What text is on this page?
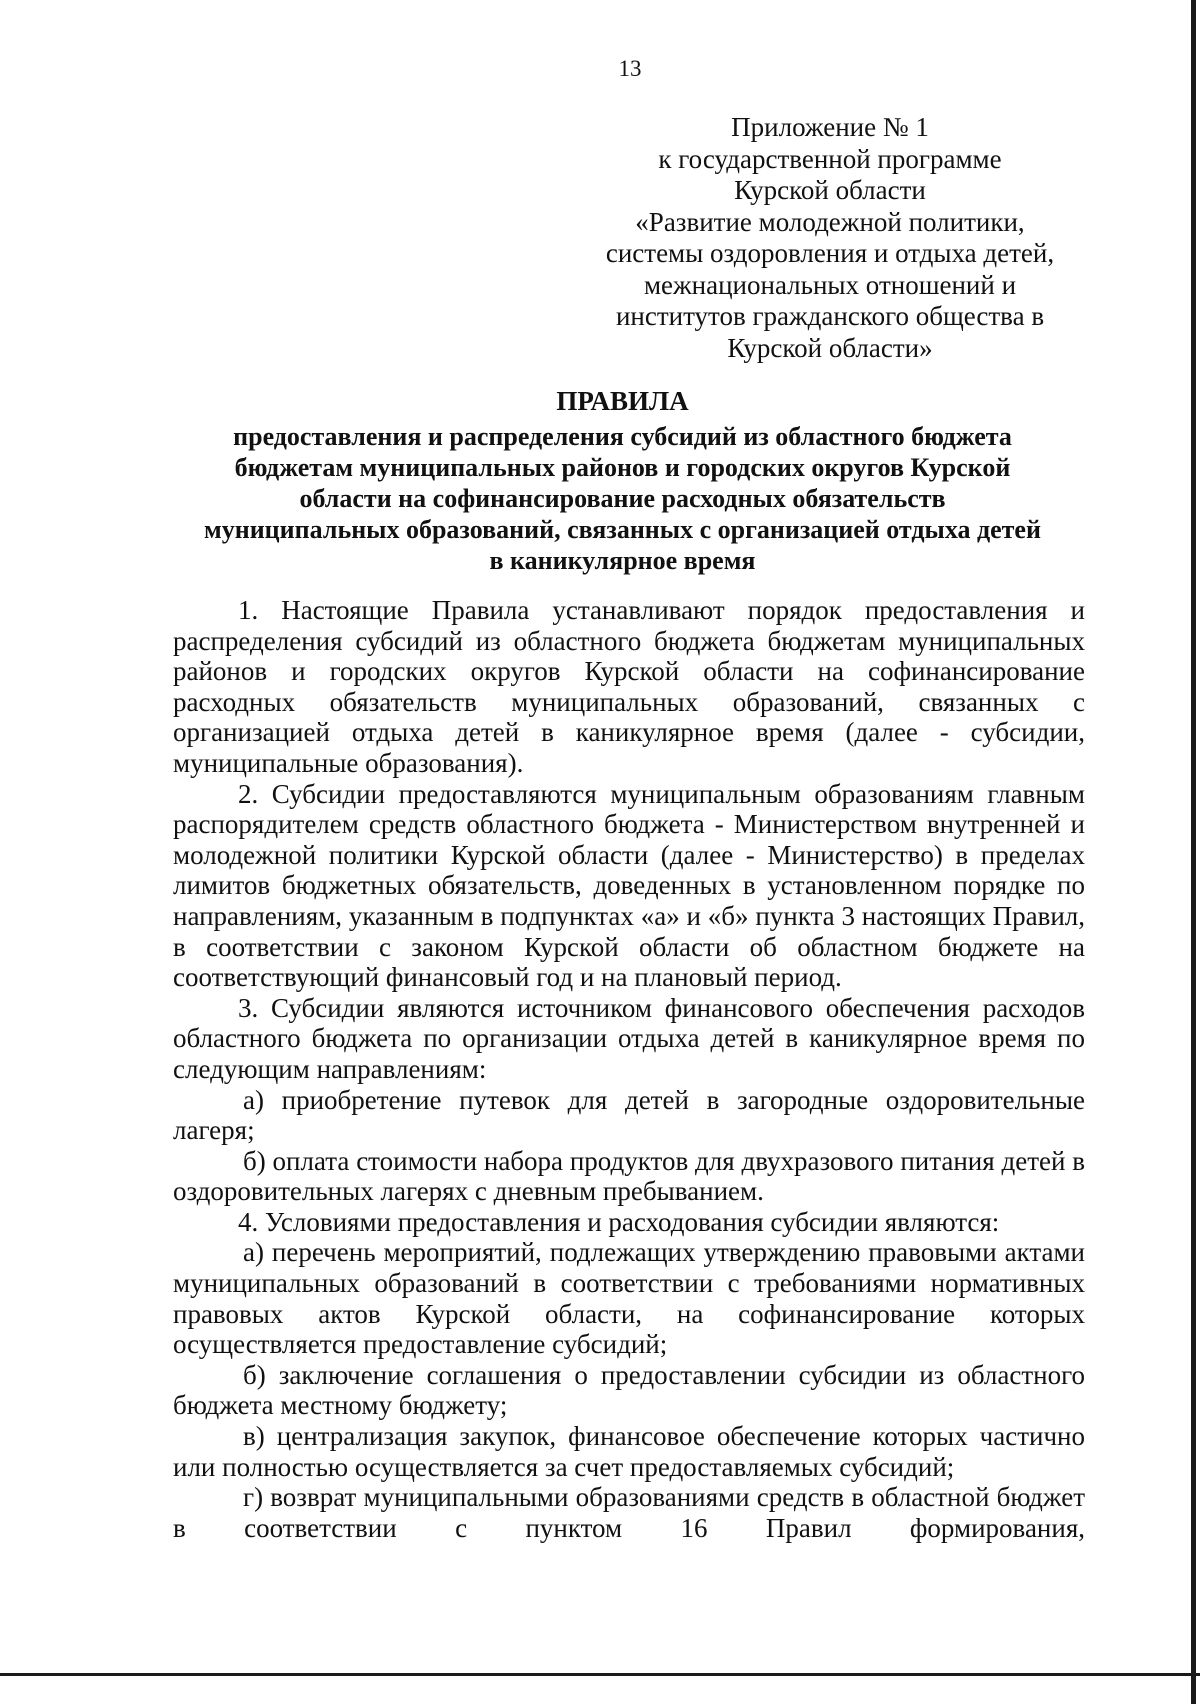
13
Приложение № 1
к государственной программе
Курской области
«Развитие молодежной политики,
системы оздоровления и отдыха детей,
межнациональных отношений и
институтов гражданского общества в
Курской области»
ПРАВИЛА
предоставления и распределения субсидий из областного бюджета
бюджетам муниципальных районов и городских округов Курской
области на софинансирование расходных обязательств
муниципальных образований, связанных с организацией отдыха детей
в каникулярное время

1. Настоящие Правила устанавливают порядок предоставления и распределения субсидий из областного бюджета бюджетам муниципальных районов и городских округов Курской области на софинансирование расходных обязательств муниципальных образований, связанных с организацией отдыха детей в каникулярное время (далее - субсидии, муниципальные образования).

2. Субсидии предоставляются муниципальным образованиям главным распорядителем средств областного бюджета - Министерством внутренней и молодежной политики Курской области (далее - Министерство) в пределах лимитов бюджетных обязательств, доведенных в установленном порядке по направлениям, указанным в подпунктах «а» и «б» пункта 3 настоящих Правил, в соответствии с законом Курской области об областном бюджете на соответствующий финансовый год и на плановый период.

3. Субсидии являются источником финансового обеспечения расходов областного бюджета по организации отдыха детей в каникулярное время по следующим направлениям:

а) приобретение путевок для детей в загородные оздоровительные лагеря;

б) оплата стоимости набора продуктов для двухразового питания детей в оздоровительных лагерях с дневным пребыванием.

4. Условиями предоставления и расходования субсидии являются:

а) перечень мероприятий, подлежащих утверждению правовыми актами муниципальных образований в соответствии с требованиями нормативных правовых актов Курской области, на софинансирование которых осуществляется предоставление субсидий;

б) заключение соглашения о предоставлении субсидии из областного бюджета местному бюджету;

в) централизация закупок, финансовое обеспечение которых частично или полностью осуществляется за счет предоставляемых субсидий;

г) возврат муниципальными образованиями средств в областной бюджет в соответствии с пунктом 16 Правил формирования,
